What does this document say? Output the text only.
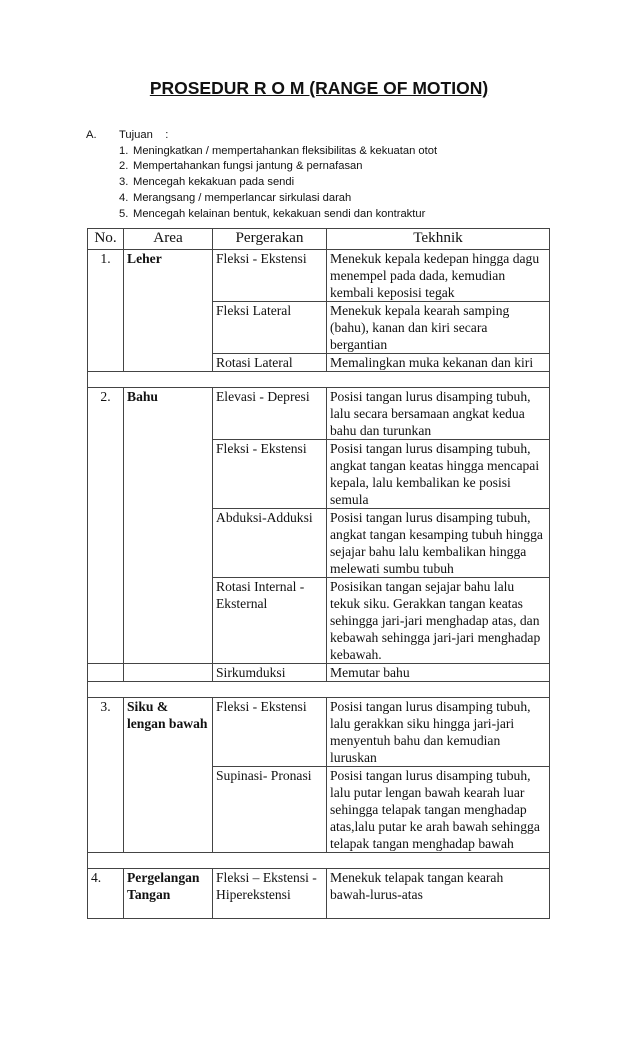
PROSEDUR R O M (RANGE OF MOTION)
A.	Tujuan    :
1. Meningkatkan / mempertahankan fleksibilitas & kekuatan otot
2. Mempertahankan fungsi jantung & pernafasan
3. Mencegah kekakuan pada sendi
4. Merangsang / memperlancar sirkulasi darah
5. Mencegah kelainan bentuk, kekakuan sendi dan kontraktur
No.	Area	Pergerakan	Tekhnik
1.	Leher	Fleksi - Ekstensi	Menekuk kepala kedepan hingga dagu menempel pada dada, kemudian kembali keposisi tegak
		Fleksi Lateral	Menekuk kepala kearah samping (bahu), kanan dan kiri secara bergantian
		Rotasi Lateral	Memalingkan muka kekanan dan kiri

2.	Bahu	Elevasi - Depresi	Posisi tangan lurus disamping tubuh, lalu secara bersamaan angkat kedua bahu dan turunkan
		Fleksi - Ekstensi	Posisi tangan lurus disamping tubuh, angkat tangan keatas hingga mencapai kepala, lalu kembalikan ke posisi semula
		Abduksi-Adduksi	Posisi tangan lurus disamping tubuh, angkat tangan kesamping tubuh hingga sejajar bahu lalu kembalikan hingga melewati sumbu tubuh
		Rotasi Internal -Eksternal	Posisikan tangan sejajar bahu lalu tekuk siku. Gerakkan tangan keatas sehingga jari-jari menghadap atas, dan kebawah sehingga jari-jari menghadap kebawah.
		Sirkumduksi	Memutar bahu

3.	Siku & lengan bawah	Fleksi - Ekstensi	Posisi tangan lurus disamping tubuh, lalu gerakkan siku hingga jari-jari menyentuh bahu dan kemudian luruskan
		Supinasi- Pronasi	Posisi tangan lurus disamping tubuh, lalu putar lengan bawah kearah luar sehingga telapak tangan menghadap atas,lalu putar ke arah bawah sehingga telapak tangan menghadap bawah

4.	Pergelangan Tangan	Fleksi – Ekstensi - Hiperekstensi	Menekuk telapak tangan kearah bawah-lurus-atas
